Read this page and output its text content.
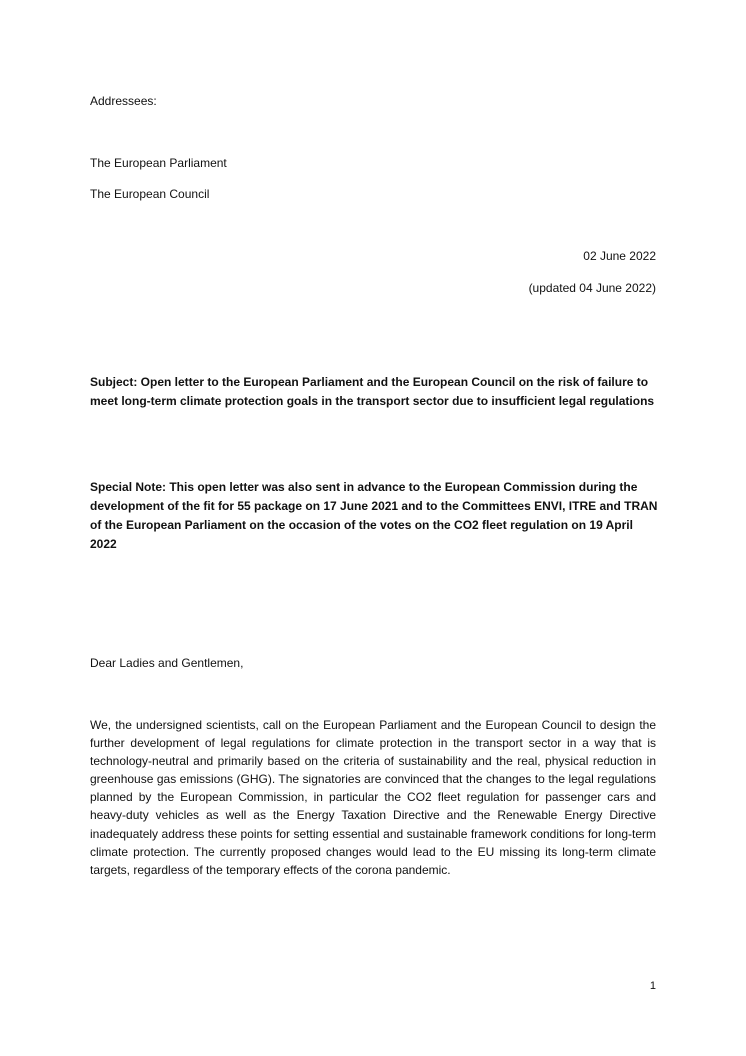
Addressees:
The European Parliament
The European Council
02 June 2022
(updated 04 June 2022)
Subject: Open letter to the European Parliament and the European Council on the risk of failure to meet long-term climate protection goals in the transport sector due to insufficient legal regulations
Special Note: This open letter was also sent in advance to the European Commission during the development of the fit for 55 package on 17 June 2021 and to the Committees ENVI, ITRE and TRAN of the European Parliament on the occasion of the votes on the CO2 fleet regulation on 19 April 2022
Dear Ladies and Gentlemen,
We, the undersigned scientists, call on the European Parliament and the European Council to design the further development of legal regulations for climate protection in the transport sector in a way that is technology-neutral and primarily based on the criteria of sustainability and the real, physical reduction in greenhouse gas emissions (GHG). The signatories are convinced that the changes to the legal regulations planned by the European Commission, in particular the CO2 fleet regulation for passenger cars and heavy-duty vehicles as well as the Energy Taxation Directive and the Renewable Energy Directive inadequately address these points for setting essential and sustainable framework conditions for long-term climate protection. The currently proposed changes would lead to the EU missing its long-term climate targets, regardless of the temporary effects of the corona pandemic.
1
